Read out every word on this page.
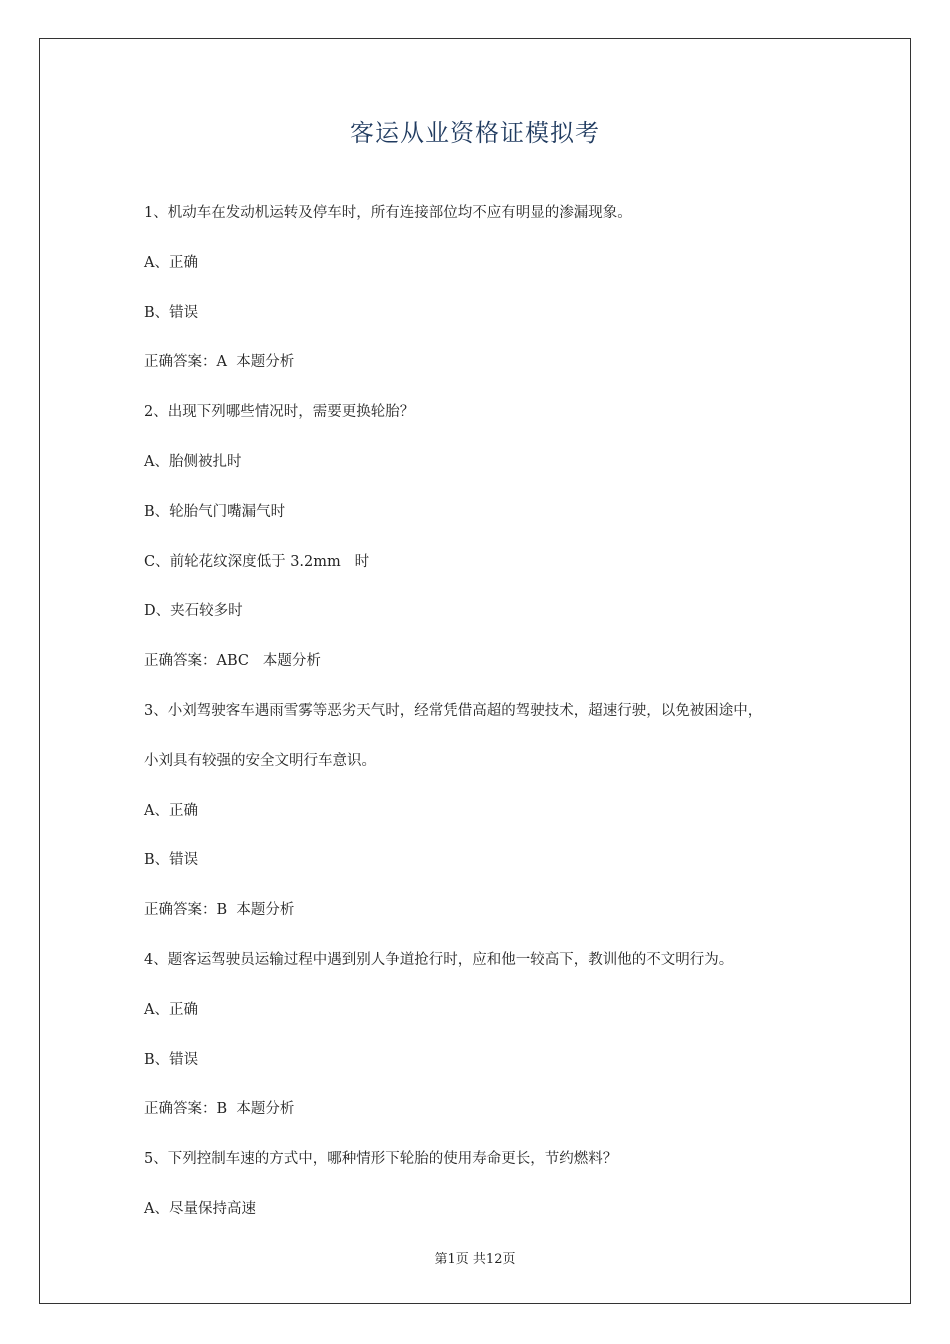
客运从业资格证模拟考
1、机动车在发动机运转及停车时，所有连接部位均不应有明显的渗漏现象。
A、正确
B、错误
正确答案：A  本题分析
2、出现下列哪些情况时，需要更换轮胎？
A、胎侧被扎时
B、轮胎气门嘴漏气时
C、前轮花纹深度低于 3.2mm   时
D、夹石较多时
正确答案：ABC   本题分析
3、小刘驾驶客车遇雨雪雾等恶劣天气时，经常凭借高超的驾驶技术，超速行驶，以免被困途中，
小刘具有较强的安全文明行车意识。
A、正确
B、错误
正确答案：B  本题分析
4、题客运驾驶员运输过程中遇到别人争道抢行时，应和他一较高下，教训他的不文明行为。
A、正确
B、错误
正确答案：B  本题分析
5、下列控制车速的方式中，哪种情形下轮胎的使用寿命更长，节约燃料？
A、尽量保持高速
第1页 共12页
